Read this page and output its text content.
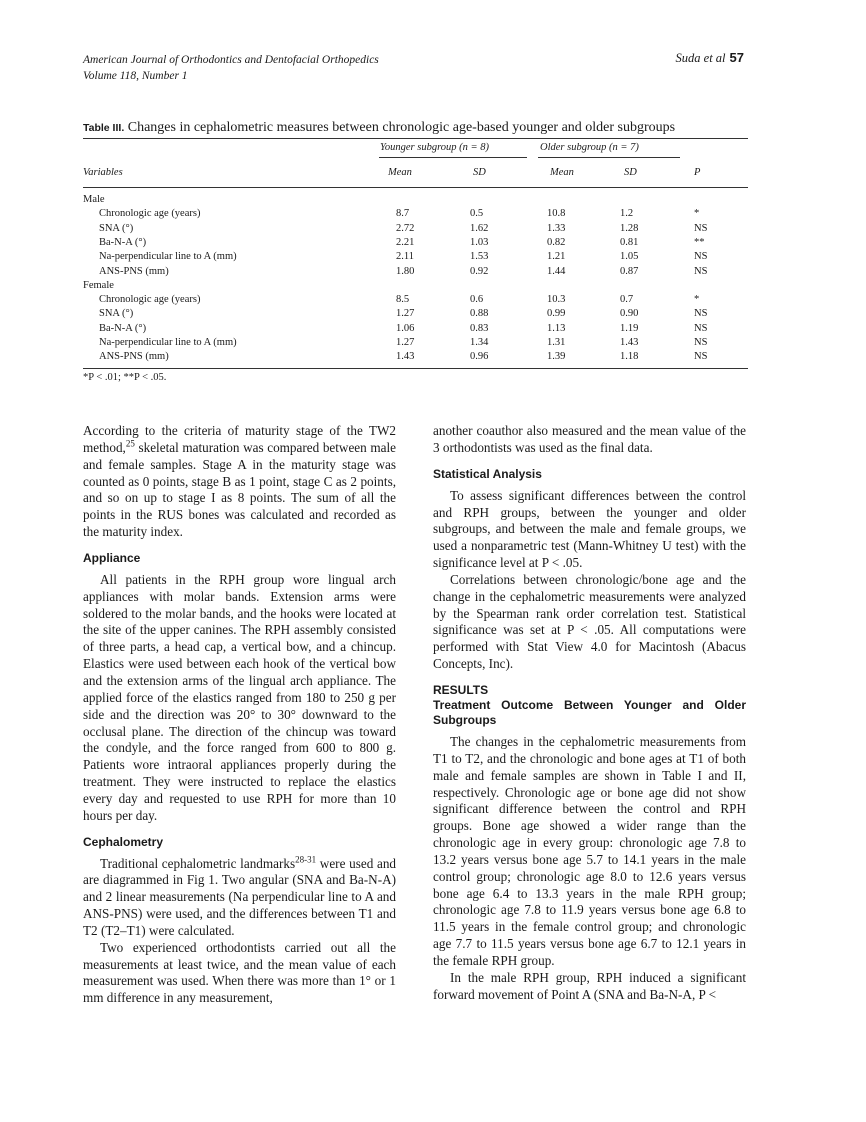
American Journal of Orthodontics and Dentofacial Orthopedics
Volume 118, Number 1
Suda et al 57
Table III. Changes in cephalometric measures between chronologic age-based younger and older subgroups
Younger subgroup (n = 8)	Older subgroup (n = 7)
Variables	Mean	SD	Mean	SD	P
Male
Chronologic age (years)	8.7	0.5	10.8	1.2	*
SNA (°)	2.72	1.62	1.33	1.28	NS
Ba-N-A (°)	2.21	1.03	0.82	0.81	**
Na-perpendicular line to A (mm)	2.11	1.53	1.21	1.05	NS
ANS-PNS (mm)	1.80	0.92	1.44	0.87	NS
Female
Chronologic age (years)	8.5	0.6	10.3	0.7	*
SNA (°)	1.27	0.88	0.99	0.90	NS
Ba-N-A (°)	1.06	0.83	1.13	1.19	NS
Na-perpendicular line to A (mm)	1.27	1.34	1.31	1.43	NS
ANS-PNS (mm)	1.43	0.96	1.39	1.18	NS
*P < .01; **P < .05.

According to the criteria of maturity stage of the TW2 method,$^{25}$ skeletal maturation was compared between male and female samples. Stage A in the maturity stage was counted as 0 points, stage B as 1 point, stage C as 2 points, and so on up to stage I as 8 points. The sum of all the points in the RUS bones was calculated and recorded as the maturity index.

Appliance

All patients in the RPH group wore lingual arch appliances with molar bands. Extension arms were soldered to the molar bands, and the hooks were located at the site of the upper canines. The RPH assembly consisted of three parts, a head cap, a vertical bow, and a chincup. Elastics were used between each hook of the vertical bow and the extension arms of the lingual arch appliance. The applied force of the elastics ranged from 180 to 250 g per side and the direction was 20° to 30° downward to the occlusal plane. The direction of the chincup was toward the condyle, and the force ranged from 600 to 800 g. Patients wore intraoral appliances properly during the treatment. They were instructed to replace the elastics every day and requested to use RPH for more than 10 hours per day.

Cephalometry

Traditional cephalometric landmarks$^{28-31}$ were used and are diagrammed in Fig 1. Two angular (SNA and Ba-N-A) and 2 linear measurements (Na perpendicular line to A and ANS-PNS) were used, and the differences between T1 and T2 (T2–T1) were calculated.

Two experienced orthodontists carried out all the measurements at least twice, and the mean value of each measurement was used. When there was more than 1° or 1 mm difference in any measurement,

another coauthor also measured and the mean value of the 3 orthodontists was used as the final data.

Statistical Analysis

To assess significant differences between the control and RPH groups, between the younger and older subgroups, and between the male and female groups, we used a nonparametric test (Mann-Whitney U test) with the significance level at P < .05.

Correlations between chronologic/bone age and the change in the cephalometric measurements were analyzed by the Spearman rank order correlation test. Statistical significance was set at P < .05. All computations were performed with Stat View 4.0 for Macintosh (Abacus Concepts, Inc).

RESULTS
Treatment Outcome Between Younger and Older Subgroups

The changes in the cephalometric measurements from T1 to T2, and the chronologic and bone ages at T1 of both male and female samples are shown in Table I and II, respectively. Chronologic age or bone age did not show significant difference between the control and RPH groups. Bone age showed a wider range than the chronologic age in every group: chronologic age 7.8 to 13.2 years versus bone age 5.7 to 14.1 years in the male control group; chronologic age 8.0 to 12.6 years versus bone age 6.4 to 13.3 years in the male RPH group; chronologic age 7.8 to 11.9 years versus bone age 6.8 to 11.5 years in the female control group; and chronologic age 7.7 to 11.5 years versus bone age 6.7 to 12.1 years in the female RPH group.

In the male RPH group, RPH induced a significant forward movement of Point A (SNA and Ba-N-A, P <
